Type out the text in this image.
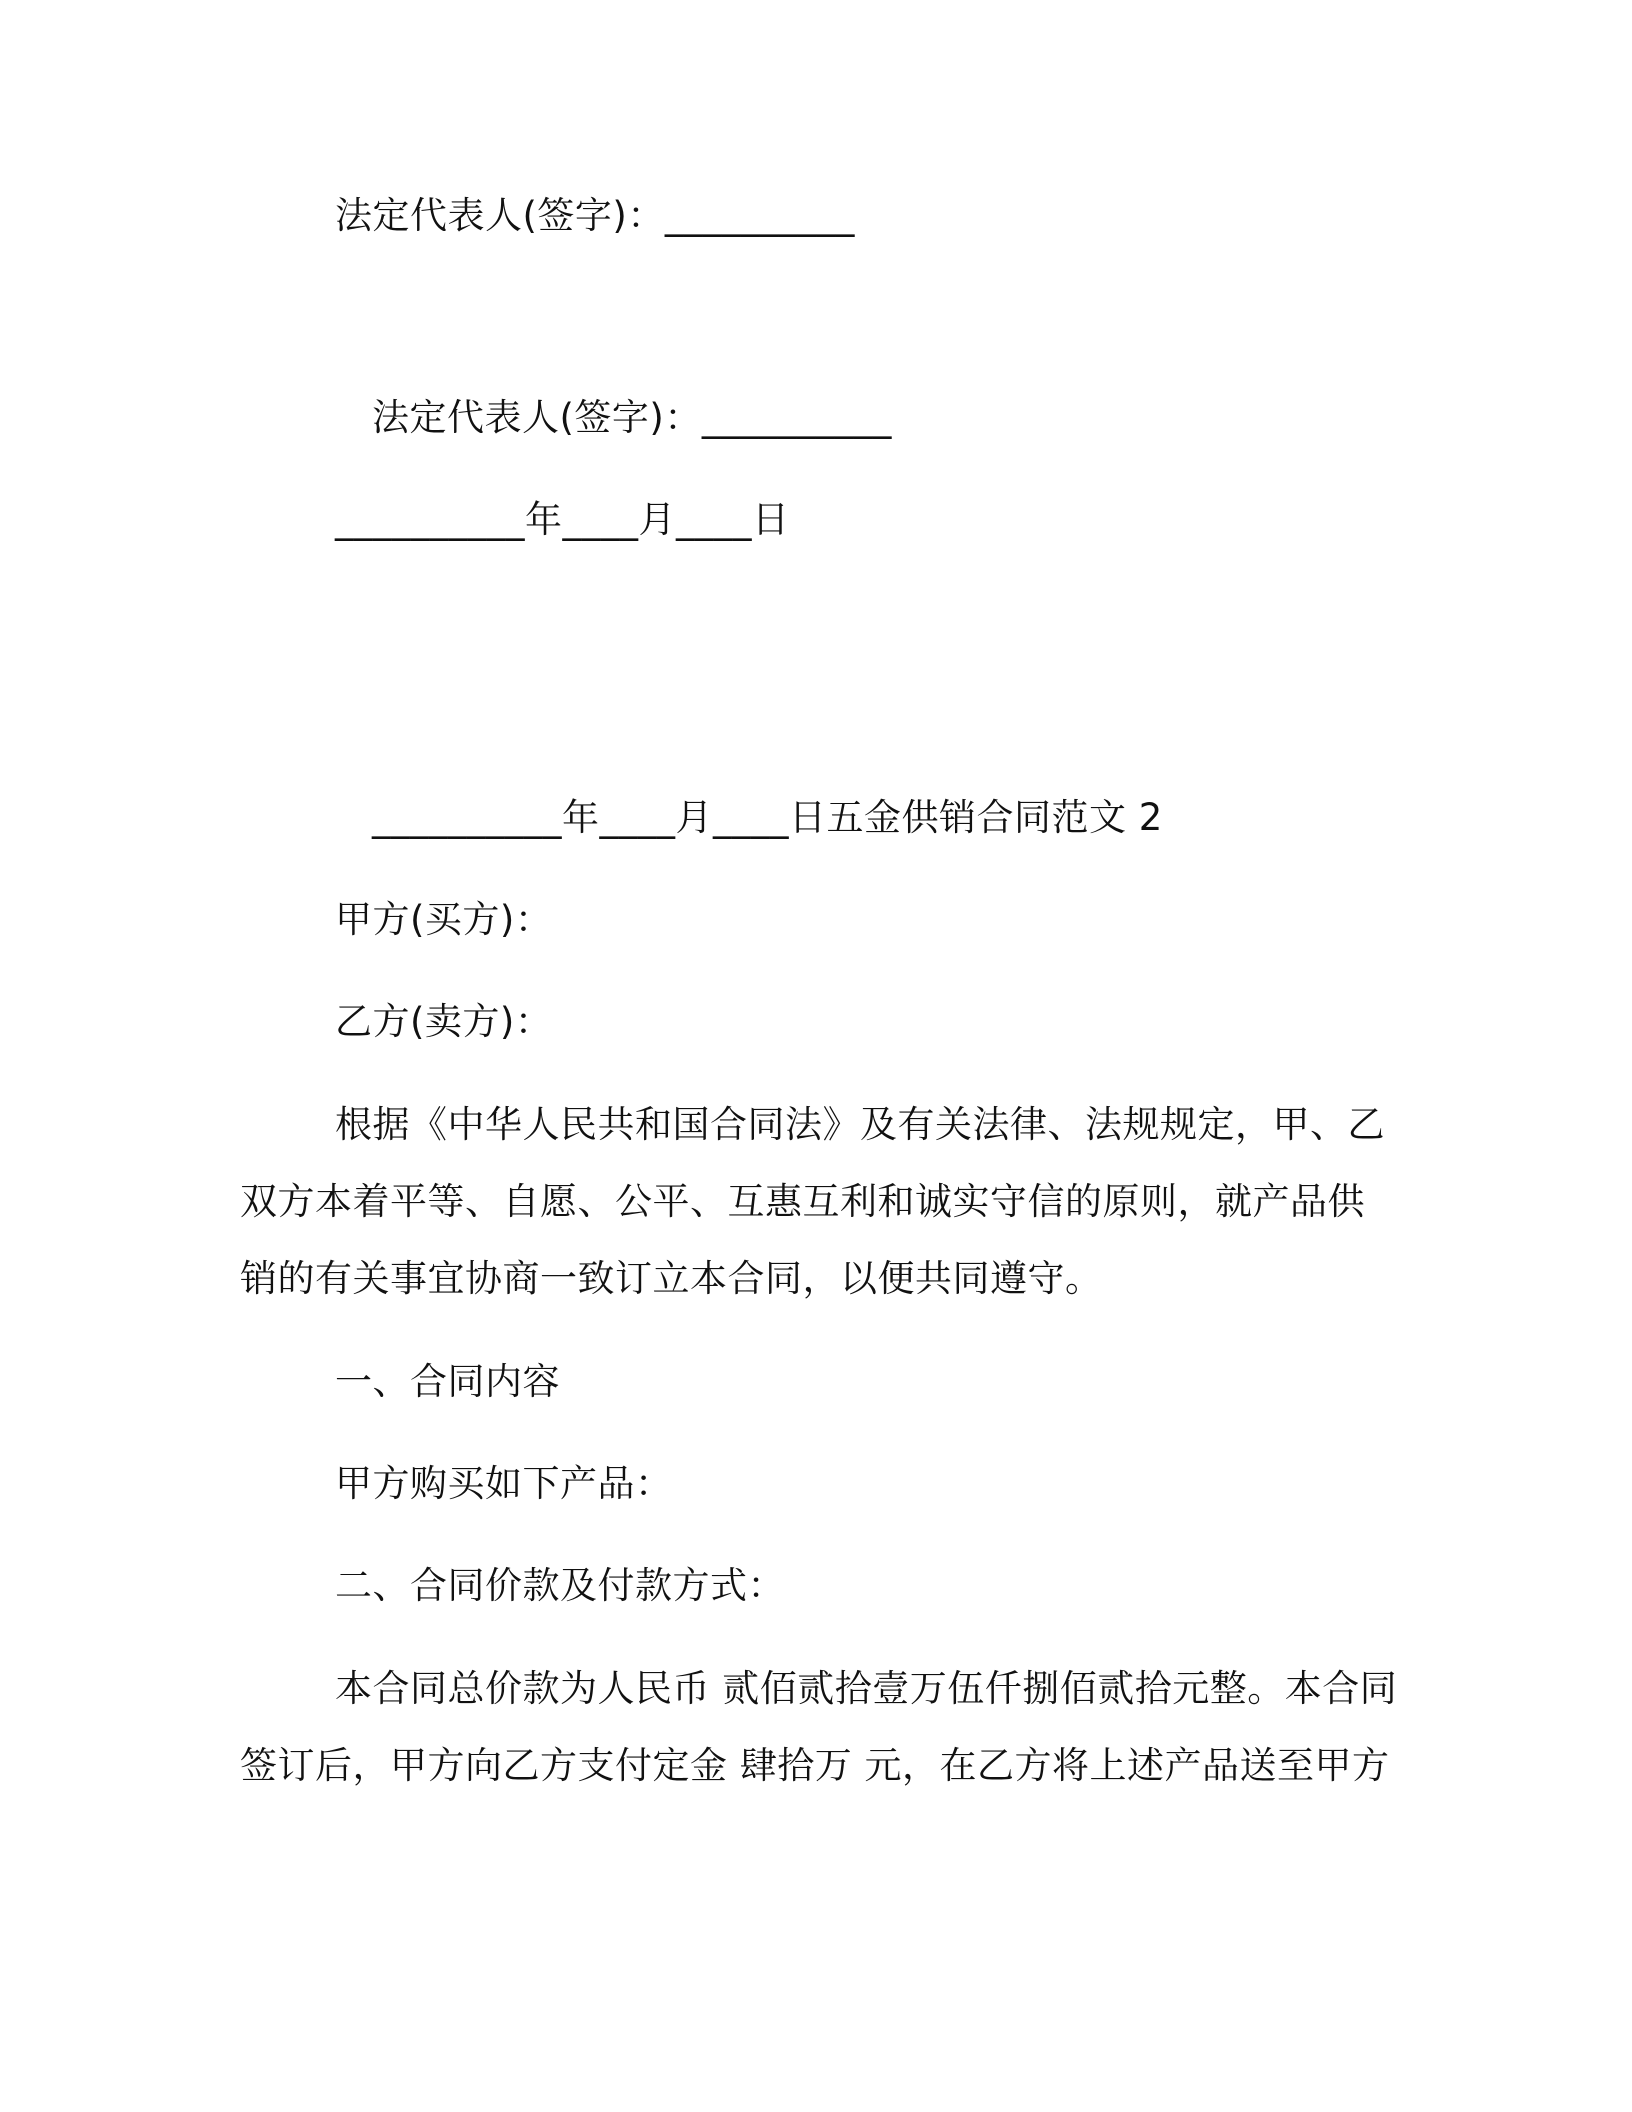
法定代表人(签字)：__________
法定代表人(签字)：__________
__________年____月____日
__________年____月____日五金供销合同范文 2
甲方(买方)：
乙方(卖方)：
根据《中华人民共和国合同法》及有关法律、法规规定，甲、乙
双方本着平等、自愿、公平、互惠互利和诚实守信的原则，就产品供
销的有关事宜协商一致订立本合同，以便共同遵守。
一、合同内容
甲方购买如下产品：
二、合同价款及付款方式：
本合同总价款为人民币 贰佰贰拾壹万伍仟捌佰贰拾元整。本合同
签订后，甲方向乙方支付定金 肆拾万 元，在乙方将上述产品送至甲方
